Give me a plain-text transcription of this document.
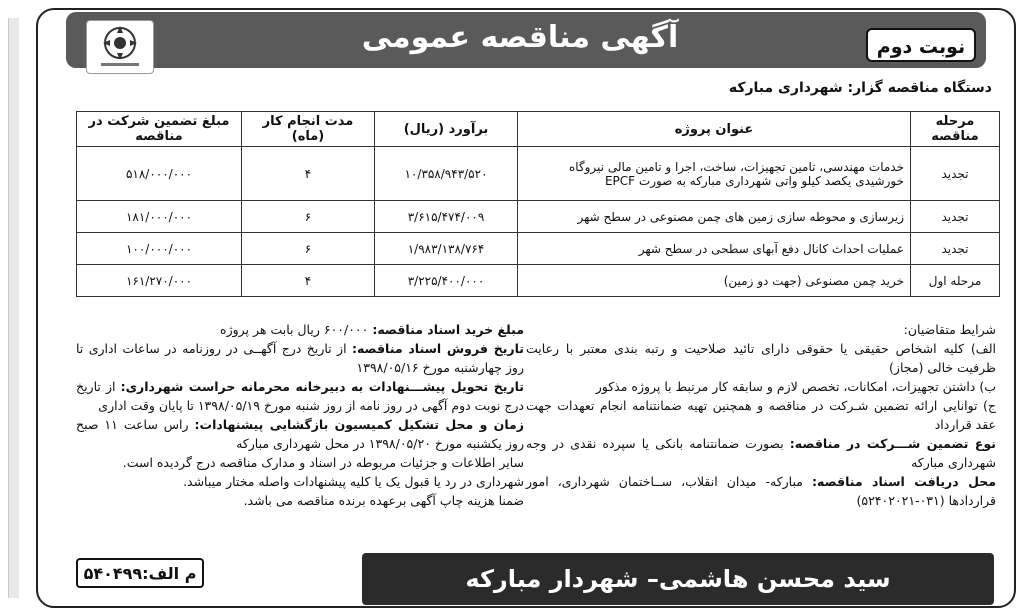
آگهی مناقصه عمومی	نوبت دوم
دستگاه مناقصه گزار: شهرداری مبارکه
مرحله مناقصه	عنوان پروژه	برآورد (ریال)	مدت انجام کار (ماه)	مبلغ تضمین شرکت در مناقصه
تجدید	خدمات مهندسی، تامین تجهیزات، ساخت، اجرا و تامین مالی نیروگاه خورشیدی یکصد کیلو واتی شهرداری مبارکه به صورت EPCF	۱۰/۳۵۸/۹۴۳/۵۲۰	۴	۵۱۸/۰۰۰/۰۰۰
تجدید	زیرسازی و محوطه سازی زمین های چمن مصنوعی در سطح شهر	۳/۶۱۵/۴۷۴/۰۰۹	۶	۱۸۱/۰۰۰/۰۰۰
تجدید	عملیات احداث کانال دفع آبهای سطحی در سطح شهر	۱/۹۸۳/۱۳۸/۷۶۴	۶	۱۰۰/۰۰۰/۰۰۰
مرحله اول	خرید چمن مصنوعی (جهت دو زمین)	۳/۲۲۵/۴۰۰/۰۰۰	۴	۱۶۱/۲۷۰/۰۰۰

شرایط متقاضیان:

الف) کلیه اشخاص حقیقی یا حقوقی دارای تائید صلاحیت و رتبه بندی معتبر با رعایت ظرفیت خالی (مجاز)

ب) داشتن تجهیزات، امکانات، تخصص لازم و سابقه کار مرتبط با پروژه مذکور

ج) توانایی ارائه تضمین شـرکت در مناقصه و همچنین تهیه ضمانتنامه انجام تعهدات جهت عقد قرارداد

نوع تضمین شـــرکت در مناقصه: بصورت ضمانتنامه بانکی یا سپرده نقدی در وجه شهرداری مبارکه

محل دریافت اسناد مناقصه: مبارکه- میدان انقلاب، ســاختمان شهرداری، امور قراردادها (۰۳۱-۵۲۴۰۲۰۲۱)

مبلغ خرید اسناد مناقصه: ۶۰۰/۰۰۰ ریال بابت هر پروژه

تاریخ فروش اسناد مناقصه: از تاریخ درج آگهــی در روزنامه در ساعات اداری تا روز چهارشنبه مورخ ۱۳۹۸/۰۵/۱۶

تاریخ تحویل پیشـــنهادات به دبیرخانه محرمانه حراست شهرداری: از تاریخ درج نوبت دوم آگهی در روز نامه از روز شنبه مورخ ۱۳۹۸/۰۵/۱۹ تا پایان وقت اداری

زمان و محل تشکیل کمیسیون بازگشایی پیشنهادات: راس ساعت ۱۱ صبح روز یکشنبه مورخ ۱۳۹۸/۰۵/۲۰ در محل شهرداری مبارکه

سایر اطلاعات و جزئیات مربوطه در اسناد و مدارک مناقصه درج گردیده است.

شهرداری در رد یا قبول یک یا کلیه پیشنهادات واصله مختار میباشد.

ضمنا هزینه چاپ آگهی برعهده برنده مناقصه می باشد.

م الف:۵۴۰۴۹۹	سید محسن هاشمی– شهردار مبارکه
